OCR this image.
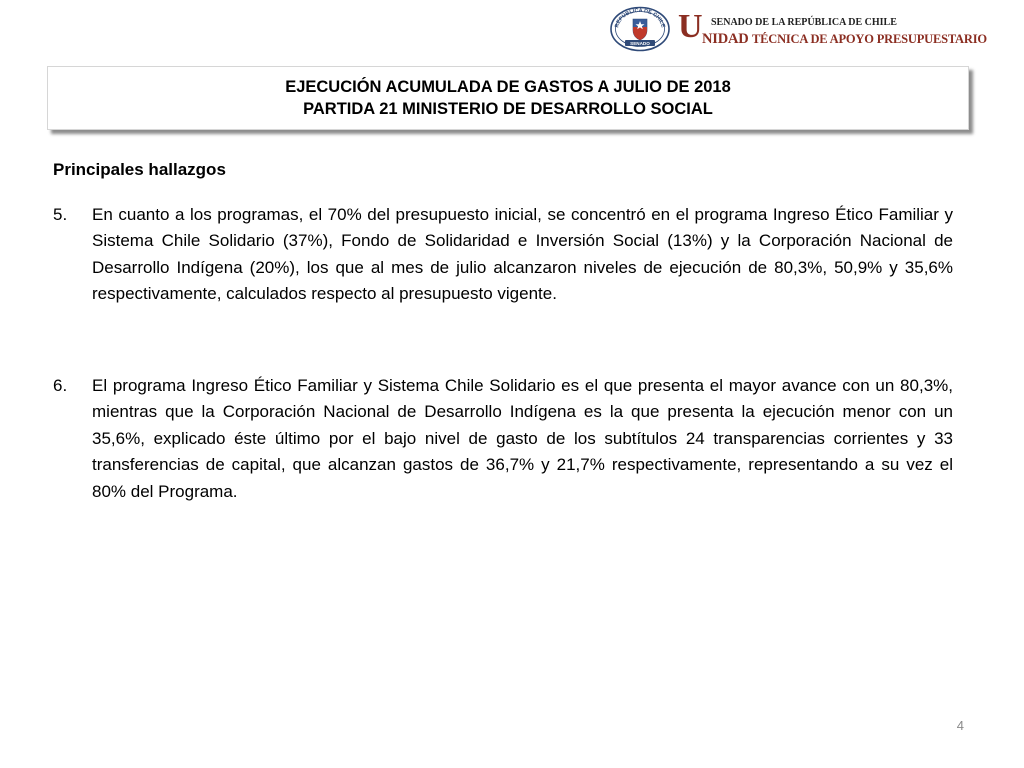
REPÚBLICA DE CHILE
SENADO U SENADO DE LA REPÚBLICA DE CHILE
NIDAD TÉCNICA DE APOYO PRESUPUESTARIO
EJECUCIÓN ACUMULADA DE GASTOS A JULIO DE 2018
PARTIDA 21 MINISTERIO DE DESARROLLO SOCIAL
Principales hallazgos
5.	En cuanto a los programas, el 70% del presupuesto inicial, se concentró en el programa Ingreso Ético Familiar y Sistema Chile Solidario (37%), Fondo de Solidaridad e Inversión Social (13%) y la Corporación Nacional de Desarrollo Indígena (20%), los que al mes de julio alcanzaron niveles de ejecución de 80,3%, 50,9% y 35,6% respectivamente, calculados respecto al presupuesto vigente.
6.	El programa Ingreso Ético Familiar y Sistema Chile Solidario es el que presenta el mayor avance con un 80,3%, mientras que la Corporación Nacional de Desarrollo Indígena es la que presenta la ejecución menor con un 35,6%, explicado éste último por el bajo nivel de gasto de los subtítulos 24 transparencias corrientes y 33 transferencias de capital, que alcanzan gastos de 36,7% y 21,7% respectivamente, representando a su vez el 80% del Programa.
4
